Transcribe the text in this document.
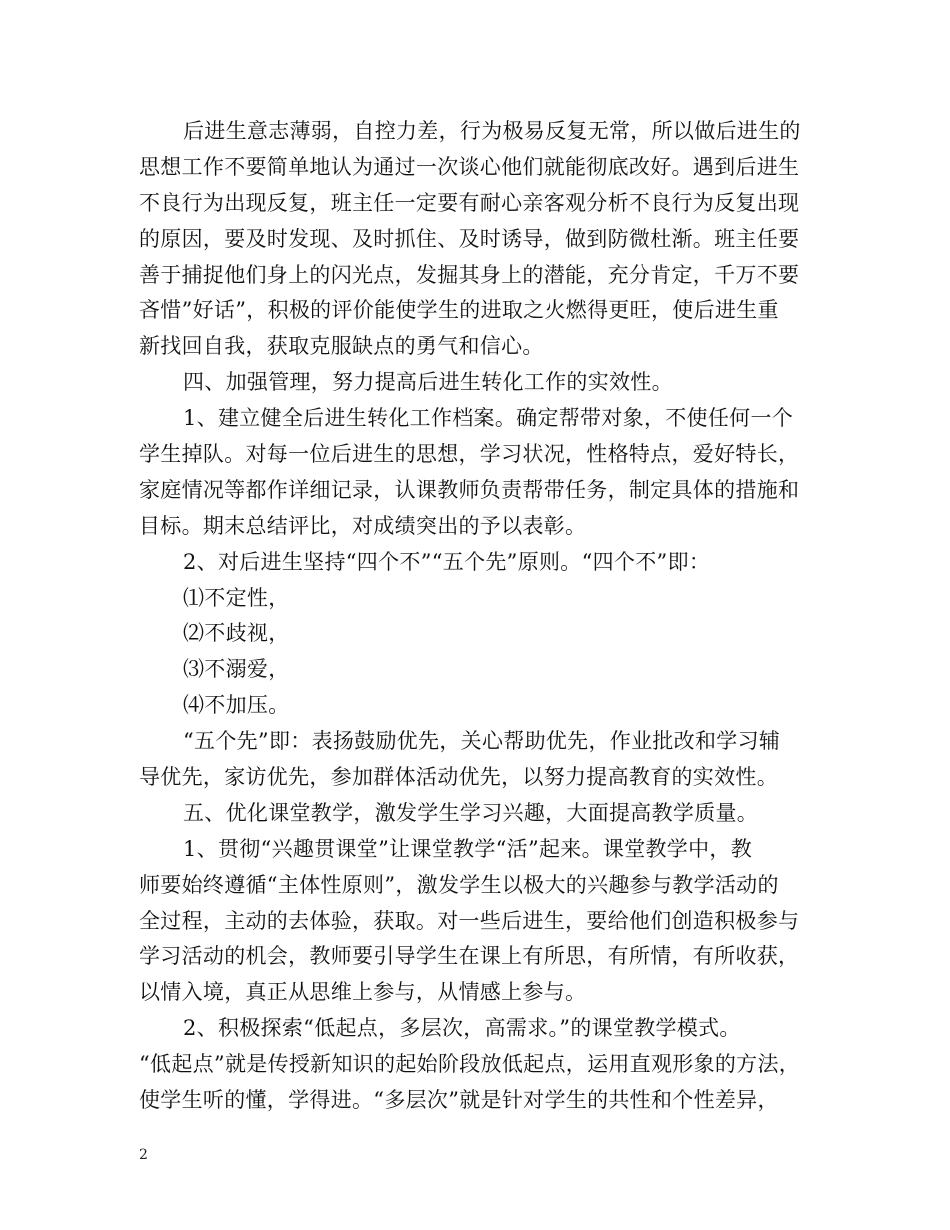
后进生意志薄弱，自控力差，行为极易反复无常，所以做后进生的
思想工作不要简单地认为通过一次谈心他们就能彻底改好。遇到后进生
不良行为出现反复，班主任一定要有耐心亲客观分析不良行为反复出现
的原因，要及时发现、及时抓住、及时诱导，做到防微杜渐。班主任要
善于捕捉他们身上的闪光点，发掘其身上的潜能，充分肯定，千万不要
吝惜”好话”，积极的评价能使学生的进取之火燃得更旺，使后进生重
新找回自我，获取克服缺点的勇气和信心。
四、加强管理，努力提高后进生转化工作的实效性。
1、建立健全后进生转化工作档案。确定帮带对象，不使任何一个
学生掉队。对每一位后进生的思想，学习状况，性格特点，爱好特长，
家庭情况等都作详细记录，认课教师负责帮带任务，制定具体的措施和
目标。期末总结评比，对成绩突出的予以表彰。
2、对后进生坚持“四个不”“五个先”原则。“四个不”即：
⑴不定性，
⑵不歧视，
⑶不溺爱，
⑷不加压。
“五个先”即：表扬鼓励优先，关心帮助优先，作业批改和学习辅
导优先，家访优先，参加群体活动优先，以努力提高教育的实效性。
五、优化课堂教学，激发学生学习兴趣，大面提高教学质量。
1、贯彻“兴趣贯课堂”让课堂教学“活”起来。课堂教学中，教
师要始终遵循“主体性原则”，激发学生以极大的兴趣参与教学活动的
全过程，主动的去体验，获取。对一些后进生，要给他们创造积极参与
学习活动的机会，教师要引导学生在课上有所思，有所情，有所收获，
以情入境，真正从思维上参与，从情感上参与。
2、积极探索“低起点，多层次，高需求。”的课堂教学模式。
“低起点”就是传授新知识的起始阶段放低起点，运用直观形象的方法，
使学生听的懂，学得进。“多层次”就是针对学生的共性和个性差异，
2
